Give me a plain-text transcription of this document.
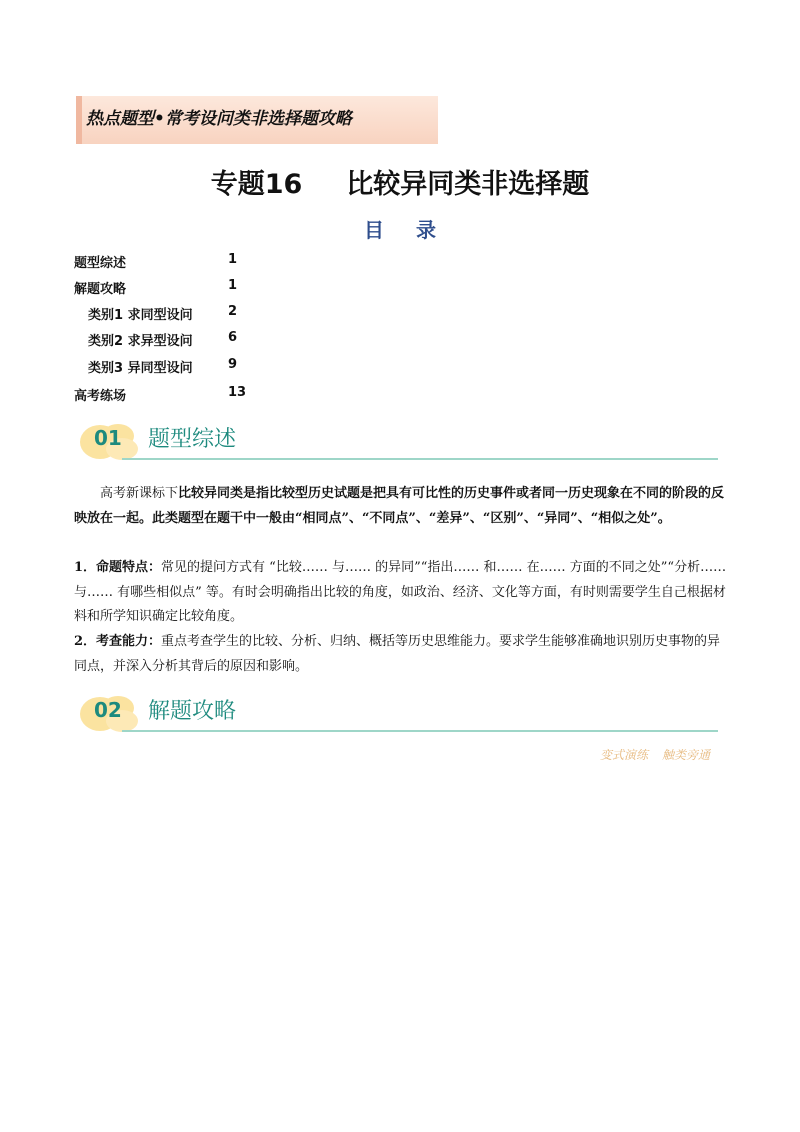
热点题型•常考设问类非选择题攻略
专题16 比较异同类非选择题
目录
题型综述	1
解题攻略	1
类别1 求同型设问	2
类别2 求异型设问	6
类别3 异同型设问	9
高考练场	13
01 题型综述
高考新课标下比较异同类是指比较型历史试题是把具有可比性的历史事件或者同一历史现象在不同的阶段的反映放在一起。此类题型在题干中一般由“相同点”、“不同点”、“差异”、“区别”、“异同”、“相似之处”。
1．命题特点：常见的提问方式有 “比较…… 与…… 的异同”“指出…… 和…… 在…… 方面的不同之处”“分析…… 与…… 有哪些相似点” 等。有时会明确指出比较的角度，如政治、经济、文化等方面，有时则需要学生自己根据材料和所学知识确定比较角度。
2．考查能力：重点考查学生的比较、分析、归纳、概括等历史思维能力。要求学生能够准确地识别历史事物的异同点，并深入分析其背后的原因和影响。
02 解题攻略
变式演练 触类旁通
